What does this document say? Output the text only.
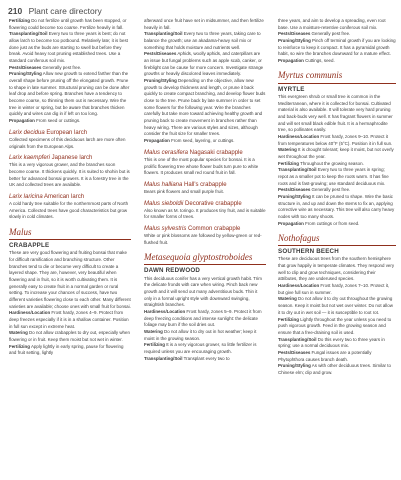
210 Plant care directory

Fertilizing Do not fertilize until growth has been stopped, or flowering could become too coarse. Fertilize heavily in fall.

Transplanting/Soil Every two to three years is best; do not allow larch to become too potbound. Relatively late; it is best done just as the buds are starting to swell but before they break. Avoid heavy root pruning established trees. Use a standard coniferous soil mix.

Pests/Diseases Generally pest free.

Pruning/Styling Allow new growth to extend farther than the overall shape before pruning off the elongated growth. Prune to shape in late summer. Structural pruning can be done after leaf drop and before spring. Branches have a tendency to become coarse, so thinning them out is necessary. Wire the tree in winter or spring, but be aware that branches thicken quickly and wires can dig in if left on too long.

Propagation From seed or cuttings.

Larix decidua European larch

Collected specimens of this deciduous larch are more often originals from the European Alps.

Larix kaempferi Japanese larch

This is a very vigorous grower, and the branches soon become coarse. It thickens quickly. It is suited to shohin but is better for advanced bonsai growers. It is a forestry tree in the UK and collected trees are available.

Larix laricina American larch

A cold hardy tree suitable for the northernmost parts of North America. Collected trees have good characteristics but grow slowly in cold climates.

Malus
CRABAPPLE

These are very good flowering and fruiting bonsai that make for difficult ramification and branching structure. Other branches tend to die or become very difficult to create a layered shape. They are, however, very beautiful when flowering and in fruit, so it is worth cultivating them. It is generally easy to create fruit in a normal garden or rural setting. To increase your chances of success, have two different varieties flowering close to each other. Many different varieties are available; choose ones with small fruit for bonsai.

Hardiness/Location Frost hardy, zones 4–9. Protect from deep freezes especially if it is in a shallow container. Position in full sun except in extreme heat.

Watering Do not allow crabapples to dry out, especially when flowering or in fruit. Keep them moist but not wet in winter.

Fertilizing Apply lightly in early spring, pause for flowering and fruit setting, lightly

afterward once fruit have set in midsummer, and then fertilize heavily in fall.

Transplanting/Soil Every two to three years, taking care to balance the growth; use an akadama-heavy soil mix or something that holds moisture and nutrients well.

Pests/Diseases Aphids, woolly aphids, and caterpillars are an issue but fungal problems such as apple scab, canker, or fireblight can be cause for more concern. Investigate strange growths or heavily discolored leaves immediately.

Pruning/Styling Depending on the objective, allow new growth to develop thickness and length, or prune it back quickly to create compact branching, and develop flower buds close to the tree. Prune back by late summer in order to set some flowers for the following year. Wire the branches carefully but take more toward achieving healthy growth and pruning back to create movement in branches rather than heavy wiring. There are various styles and sizes, although consider the fruit size for smaller trees.

Propagation From seed, layering, or cuttings.

Malus cerasifera Nagasaki crabapple

This is one of the most popular species for bonsai. It is a prolific flowering tree whose flower buds turn pure to white flowers. It produces small red round fruit in fall.

Malus halliana Hall's crabapple

Bears pink flowers and small purple fruit.

Malus sieboldii Decorative crabapple

Also known as M. toringo. It produces tiny fruit, and is suitable for smaller forms of trees.

Malus sylvestris Common crabapple

White or pink blossoms are followed by yellow-green or red-flushed fruit.

Metasequoia glyptostroboides
DAWN REDWOOD

This deciduous conifer has a very vertical growth habit. Trim the delicate fronds with care when wiring. Pinch back new growth and it will send out many adventitious buds. Thin it only in a formal upright style with downward swinging, straightish branches.

Hardiness/Location Frost hardy, zones 5–9. Protect it from deep freezing conditions and intense sunlight: the delicate foliage may burn if the soil dries out.

Watering Do not allow it to dry out in hot weather; keep it moist in the growing season.

Fertilizing It is a very vigorous grower, so little fertilizer is required unless you are encouraging growth.

Transplanting/Soil Transplant every two to

three years, and aim to develop a spreading, even root base. Use a moisture-retentive coniferous soil mix.

Pests/Diseases Generally pest free.

Pruning/Styling Pinch off terminal growth if you are looking to reinforce to keep it compact. It has a pyramidal growth habit, so wire the branches downward for a mature effect.

Propagation Cuttings, seed.

Myrtus communis
MYRTLE

This evergreen shrub or small tree is common in the Mediterranean, where it is collected for bonsai. Cultivated material is also available. It will tolerate very hard pruning and back-buds very well. It has fragrant flowers in summer and will set small black edible fruit. It is a hermaphrodite tree, so pollinates easily.

Hardiness/Location Frost hardy, zones 9–10. Protect it from temperatures below 40°F (5°C). Position it in full sun.

Watering It is drought tolerant; keep it moist, but not overly wet throughout the year.

Fertilizing Throughout the growing season.

Transplanting/Soil Every two to three years in spring; repot as a smaller pot to keep the roots warm. It has fine roots and is fast-growing; use standard deciduous mix.

Pests/Diseases Generally pest free.

Pruning/Styling It can be pruned to shape. Wire the basic structure in, and up and down the stems to fix an, applying corrective wire as necessary. This tree will also carry heavy nodes with too many shoots.

Propagation From cuttings or from seed.

Nothofagus
SOUTHERN BEECH

These are deciduous trees from the southern hemisphere that grow happily in temperate climates. They respond very well to clip and grow techniques, considering their attributes, they are underused species.

Hardiness/Location Frost hardy, zones 7–10. Protect it, but give full sun in summer.

Watering Do not allow it to dry out throughout the growing season. Keep it moist but not wet over winter. Do not allow it to dry out in wet soil — it is susceptible to root rot.

Fertilizing Lightly throughout the year unless you need to push vigorous growth. Feed in the growing season and ensure that a free-draining soil is used.

Transplanting/Soil Do this every two to three years in spring; use a normal deciduous mix.

Pests/Diseases Fungal issues are a potentially Phytophthora causes branch death.

Pruning/Styling As with other deciduous trees. Similar to Chinese elm; clip and grow.
